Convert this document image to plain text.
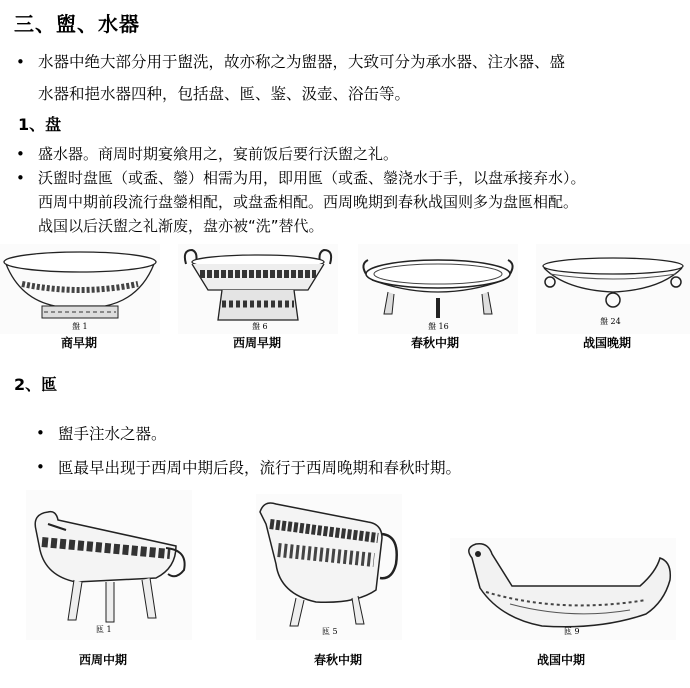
三、盥、水器
• 水器中绝大部分用于盥洗，故亦称之为盥器，大致可分为承水器、注水器、盛
水器和挹水器四种，包括盘、匜、鉴、汲壶、浴缶等。
1、盘
• 盛水器。商周时期宴飨用之，宴前饭后要行沃盥之礼。
• 沃盥时盘匜（或盉、鎣）相需为用，即用匜（或盉、鎣浇水于手，以盘承接弃水）。
西周中期前段流行盘鎣相配，或盘盉相配。西周晚期到春秋战国则多为盘匜相配。
战国以后沃盥之礼渐废，盘亦被“洗”替代。
盤 1
商早期
盤 6
西周早期
盤 16
春秋中期
盤 24
战国晚期
2、匜
• 盥手注水之器。
• 匜最早出现于西周中期后段，流行于西周晚期和春秋时期。
匜 1
西周中期
匜 5
春秋中期
匜 9
战国中期
